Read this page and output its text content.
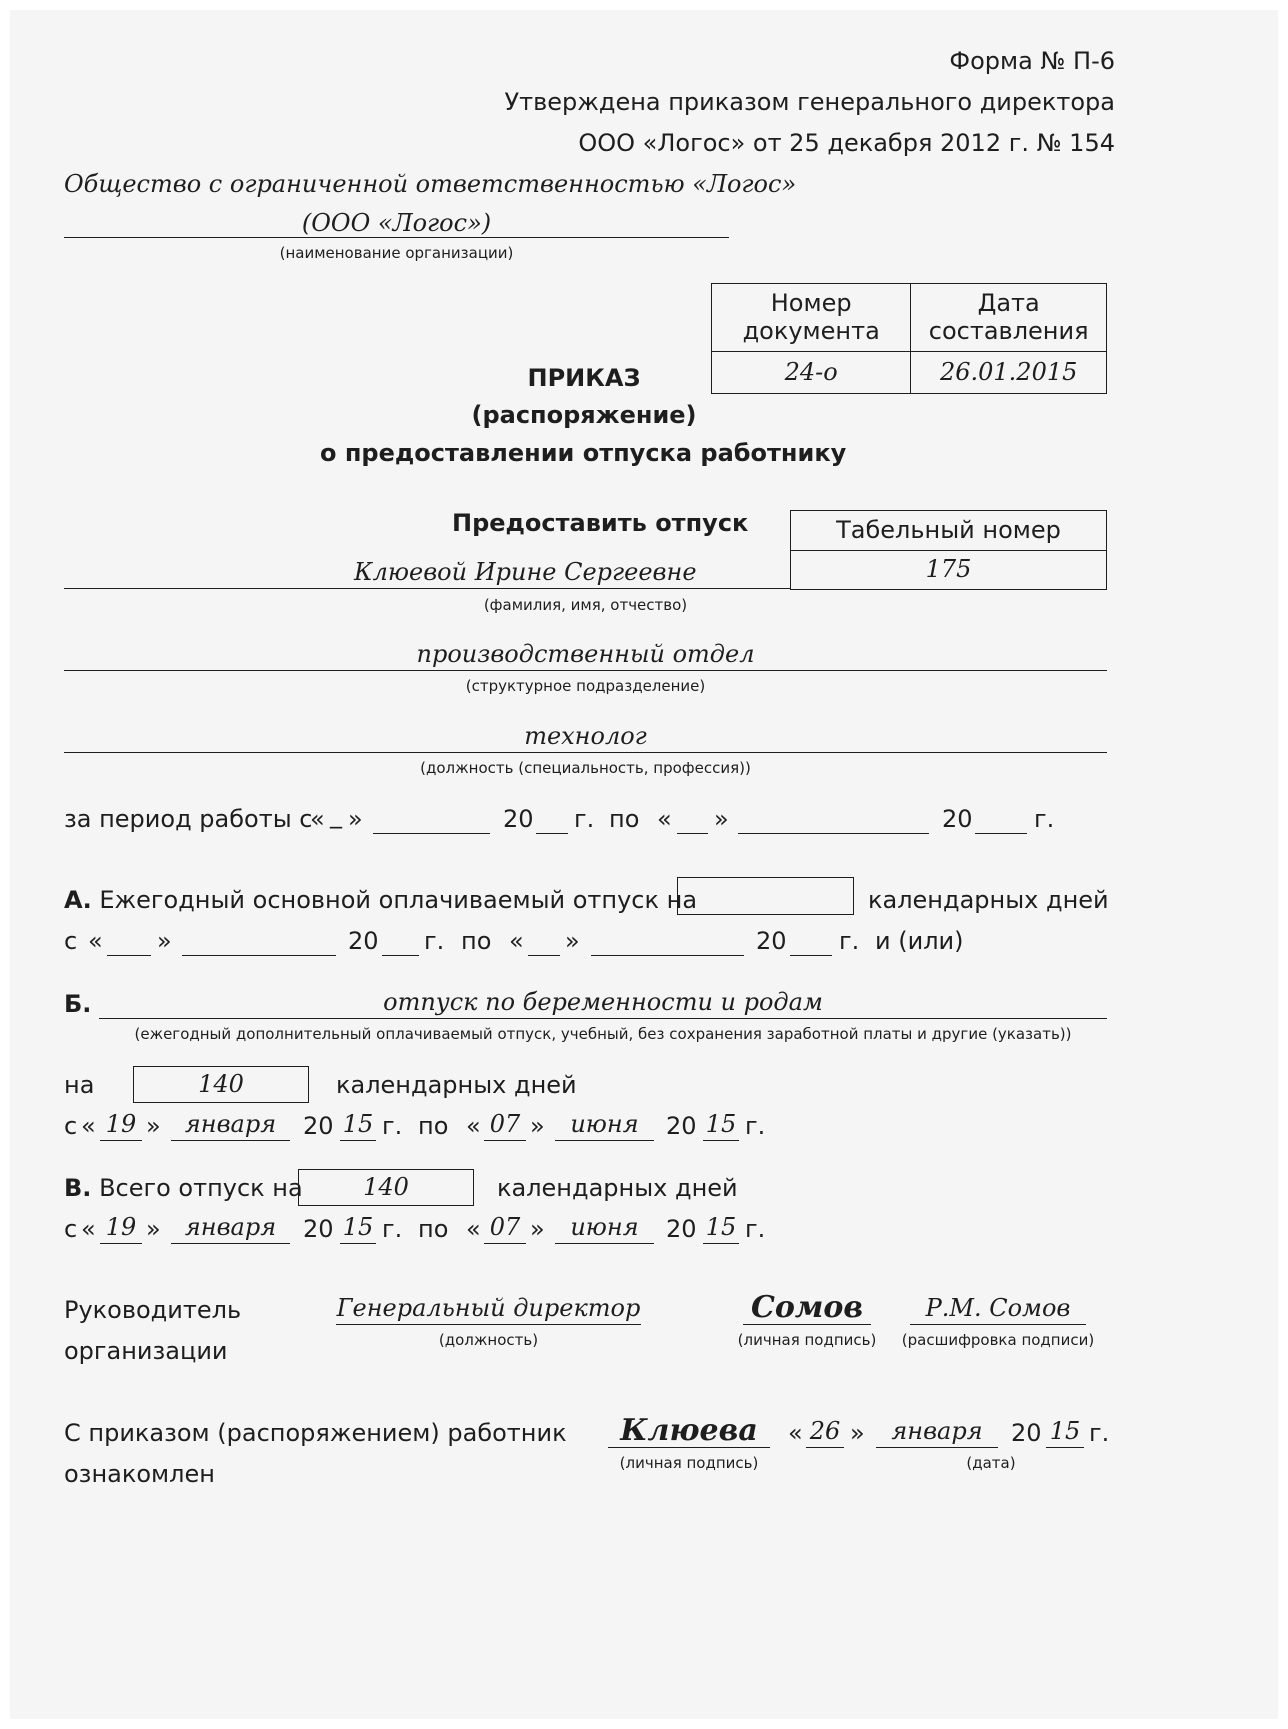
Форма № П-6
Утверждена приказом генерального директора
ООО «Логос» от 25 декабря 2012 г. № 154
Общество с ограниченной ответственностью «Логос»
(ООО «Логос»)
(наименование организации)
Номер документа	Дата составления
24-о	26.01.2015
ПРИКАЗ
(распоряжение)
о предоставлении отпуска работнику
Предоставить отпуск	Табельный номер
175
Клюевой Ирине Сергеевне
(фамилия, имя, отчество)
производственный отдел
(структурное подразделение)
технолог
(должность (специальность, профессия))
за период работы с
« _ »	20 г. по « »	20	г.
А. Ежегодный основной оплачиваемый отпуск на	календарных дней
с « »	20 г. по « »	20 г. и (или)
Б.	отпуск по беременности и родам
(ежегодный дополнительный оплачиваемый отпуск, учебный, без сохранения заработной платы и другие (указать))
на	140	календарных дней
с « 19 »	января	20 15 г. по « 07 »	июня	20 15 г.
В. Всего отпуск на	140	календарных дней
с « 19 »	января	20 15 г. по « 07 »	июня	20 15 г.
Руководитель
организации
Генеральный директор
(должность)
Сомов
(личная подпись)
Р.М. Сомов
(расшифровка подписи)
С приказом (распоряжением) работник
ознакомлен
Клюева
(личная подпись)
« 26 »	января	20 15 г.
(дата)
